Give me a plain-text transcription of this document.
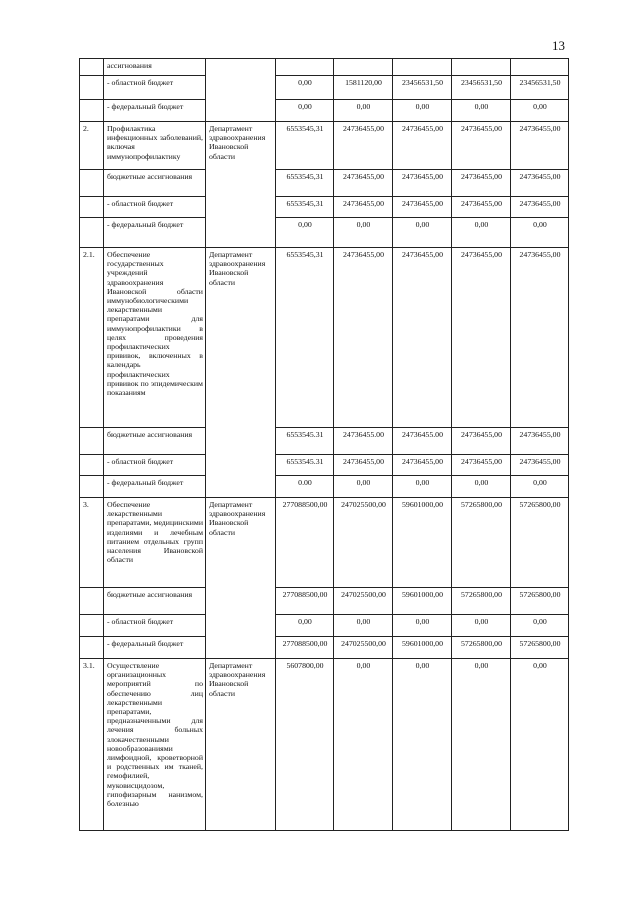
13
	ассигнования						
	- областной бюджет		0,00	1581120,00	23456531,50	23456531,50	23456531,50
	- федеральный бюджет		0,00	0,00	0,00	0,00	0,00
2.	Профилактика инфекционных заболеваний, включая иммунопрофилактику	Департамент здравоохранения Ивановской области	6553545,31	24736455,00	24736455,00	24736455,00	24736455,00
	бюджетные ассигнования		6553545,31	24736455,00	24736455,00	24736455,00	24736455,00
	- областной бюджет		6553545,31	24736455,00	24736455,00	24736455,00	24736455,00
	- федеральный бюджет		0,00	0,00	0,00	0,00	0,00
2.1.	Обеспечение государственных учреждений здравоохранения Ивановской области иммунобиологическими лекарственными препаратами для иммунопрофилактики в целях проведения профилактических прививок, включенных в календарь профилактических прививок по эпидемическим показаниям	Департамент здравоохранения Ивановской области	6553545,31	24736455,00	24736455,00	24736455,00	24736455,00
	бюджетные ассигнования		6553545.31	24736455.00	24736455.00	24736455,00	24736455,00
	- областной бюджет		6553545.31	24736455,00	24736455,00	24736455,00	24736455,00
	- федеральный бюджет		0.00	0,00	0,00	0,00	0,00
3.	Обеспечение лекарственными препаратами, медицинскими изделиями и лечебным питанием отдельных групп населения Ивановской области	Департамент здравоохранения Ивановской области	277088500,00	247025500,00	59601000,00	57265800,00	57265800,00
	бюджетные ассигнования		277088500,00	247025500,00	59601000,00	57265800,00	57265800,00
	- областной бюджет		0,00	0,00	0,00	0,00	0,00
	- федеральный бюджет		277088500,00	247025500,00	59601000,00	57265800,00	57265800,00
3.1.	Осуществление организационных мероприятий по обеспечению лиц лекарственными препаратами, предназначенными для лечения больных злокачественными новообразованиями лимфоидной, кроветворной и родственных им тканей, гемофилией, муковисцидозом, гипофизарным нанизмом, болезнью	Департамент здравоохранения Ивановской области	5607800,00	0,00	0,00	0,00	0,00
